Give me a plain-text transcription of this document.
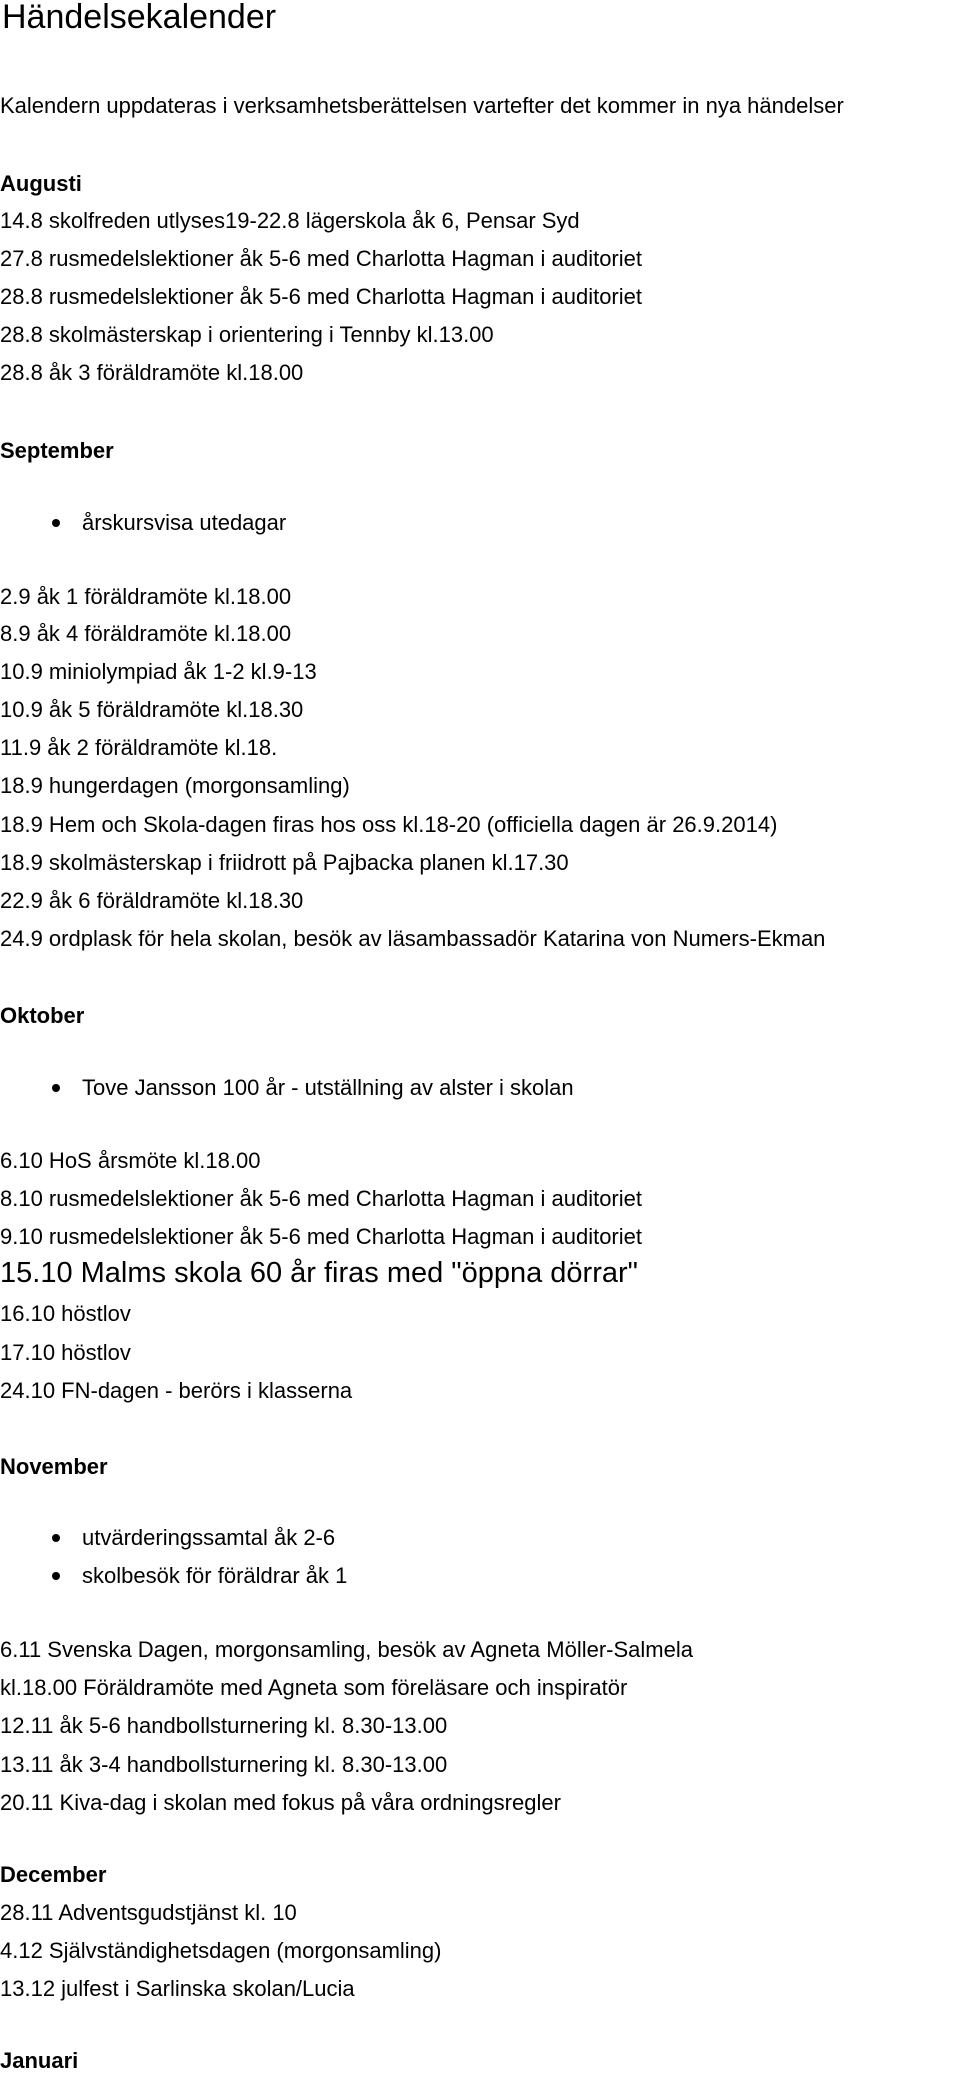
Händelsekalender

Kalendern uppdateras i verksamhetsberättelsen vartefter det kommer in nya händelser

Augusti

14.8 skolfreden utlyses19-22.8 lägerskola åk 6, Pensar Syd

27.8 rusmedelslektioner åk 5-6 med Charlotta Hagman i auditoriet

28.8 rusmedelslektioner åk 5-6 med Charlotta Hagman i auditoriet

28.8 skolmästerskap i orientering i Tennby kl.13.00

28.8 åk 3 föräldramöte kl.18.00

September

årskursvisa utedagar

2.9 åk 1 föräldramöte kl.18.00

8.9 åk 4 föräldramöte kl.18.00

10.9 miniolympiad åk 1-2 kl.9-13

10.9 åk 5 föräldramöte kl.18.30

11.9 åk 2 föräldramöte kl.18.

18.9 hungerdagen (morgonsamling)

18.9 Hem och Skola-dagen firas hos oss kl.18-20 (officiella dagen är 26.9.2014)

18.9 skolmästerskap i friidrott på Pajbacka planen kl.17.30

22.9 åk 6 föräldramöte kl.18.30

24.9 ordplask för hela skolan, besök av läsambassadör Katarina von Numers-Ekman

Oktober

Tove Jansson 100 år - utställning av alster i skolan

6.10 HoS årsmöte kl.18.00

8.10 rusmedelslektioner åk 5-6 med Charlotta Hagman i auditoriet

9.10 rusmedelslektioner åk 5-6 med Charlotta Hagman i auditoriet

15.10 Malms skola 60 år firas med "öppna dörrar"

16.10 höstlov

17.10 höstlov

24.10 FN-dagen - berörs i klasserna

November

utvärderingssamtal åk 2-6
skolbesök för föräldrar åk 1

6.11 Svenska Dagen, morgonsamling, besök av Agneta Möller-Salmela

kl.18.00 Föräldramöte med Agneta som föreläsare och inspiratör

12.11 åk 5-6 handbollsturnering kl. 8.30-13.00

13.11 åk 3-4 handbollsturnering kl. 8.30-13.00

20.11 Kiva-dag i skolan med fokus på våra ordningsregler

December

28.11 Adventsgudstjänst kl. 10

4.12 Självständighetsdagen (morgonsamling)

13.12 julfest i Sarlinska skolan/Lucia

Januari
